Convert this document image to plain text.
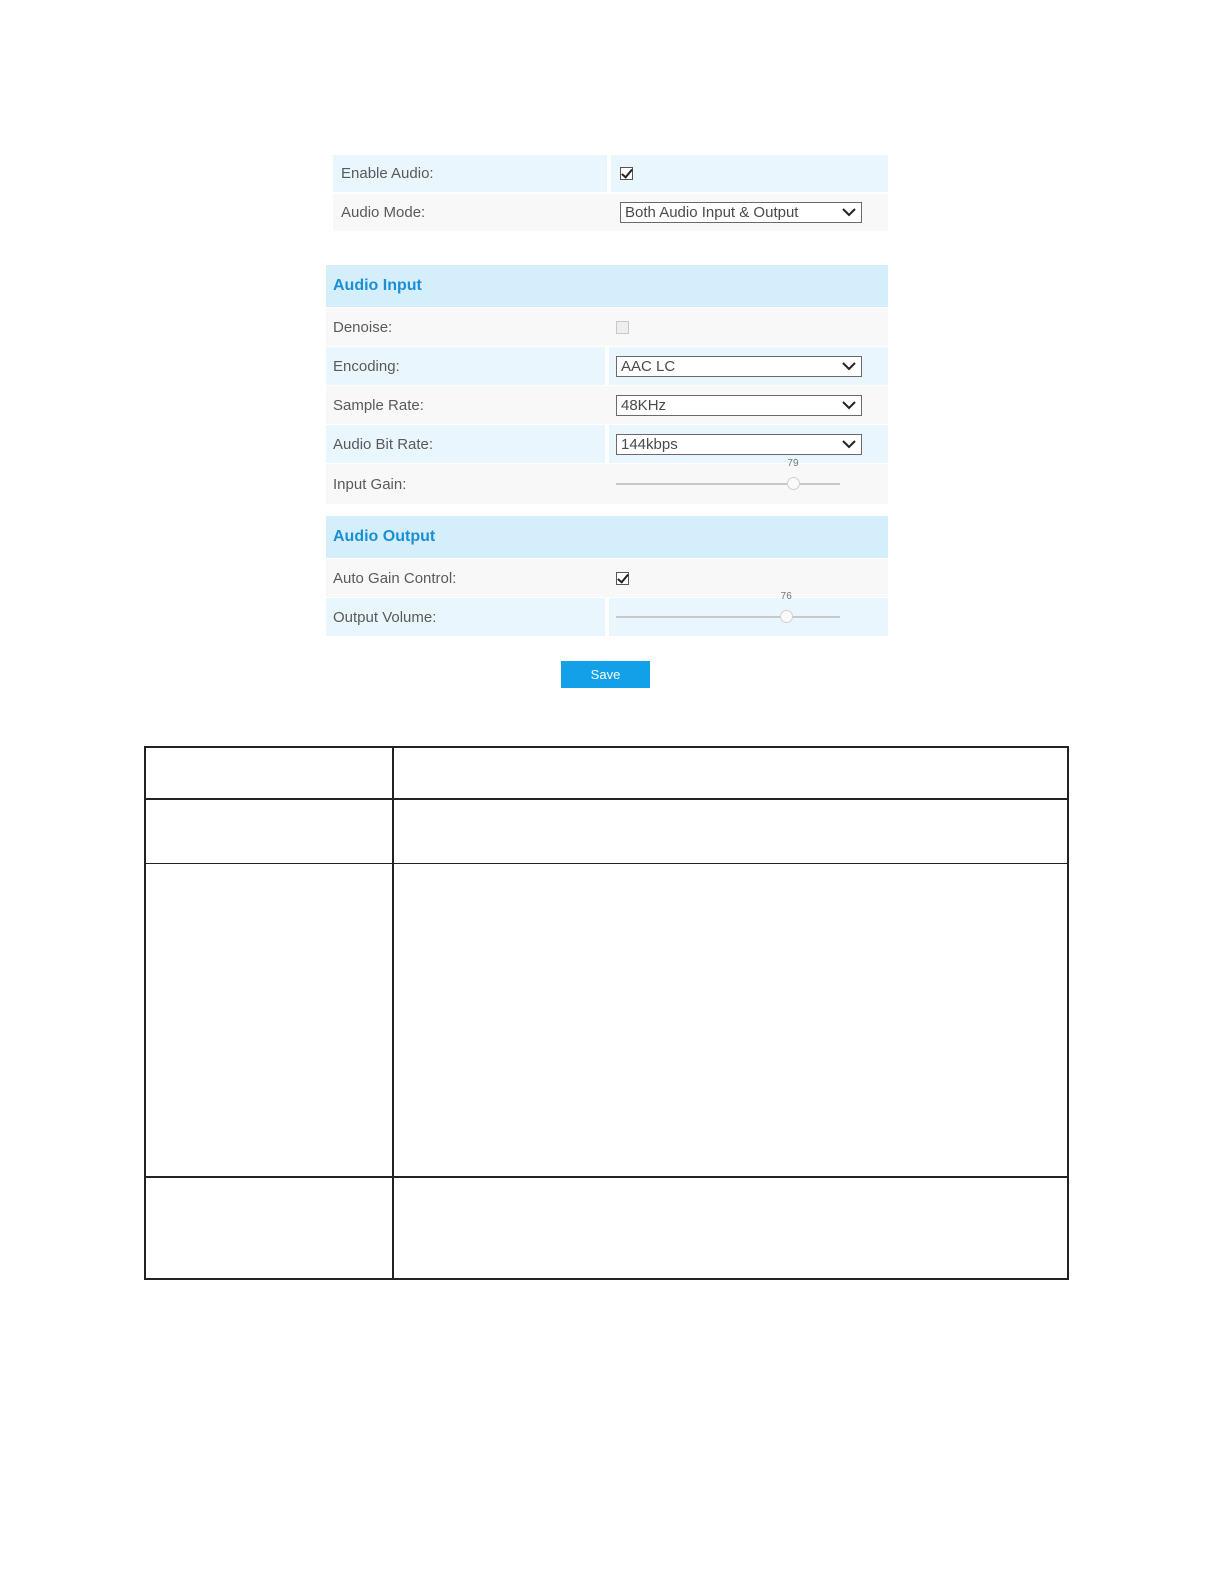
Enable Audio:
Audio Mode:	Both Audio Input & Output
Audio Input
Denoise:
Encoding:	AAC LC
Sample Rate:	48KHz
Audio Bit Rate:	144kbps
Input Gain:
79
Audio Output
Auto Gain Control:
Output Volume:
76
Save
